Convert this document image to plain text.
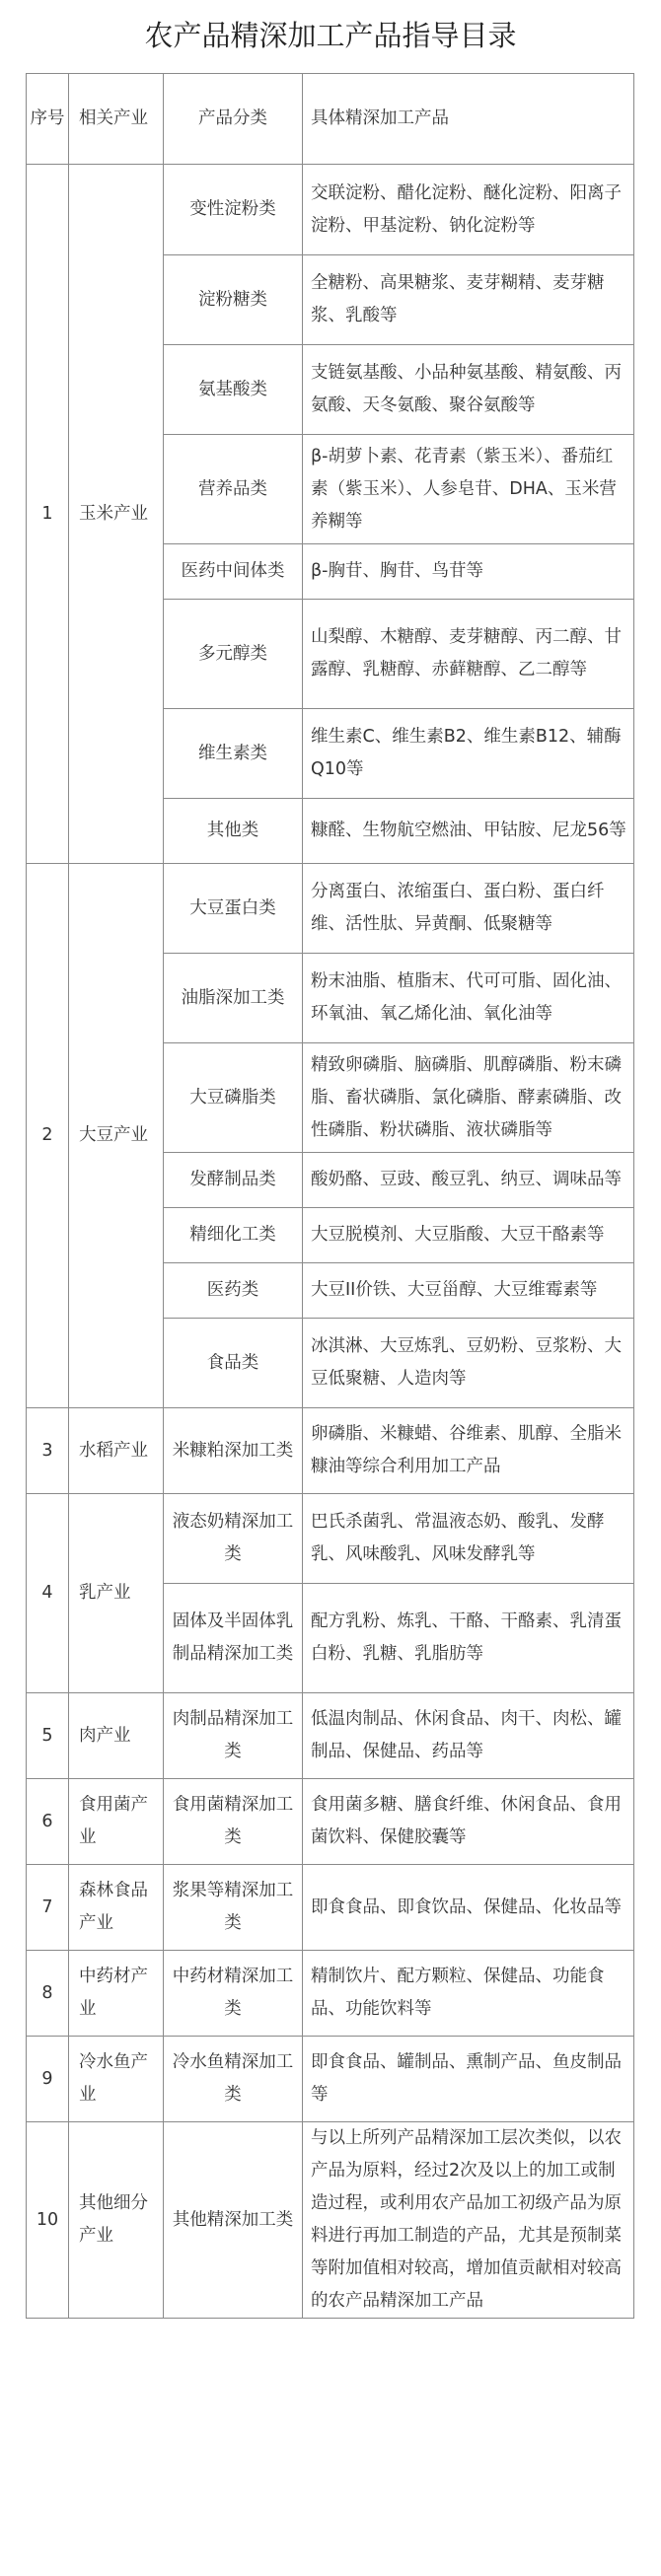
农产品精深加工产品指导目录
序号	相关产业	产品分类	具体精深加工产品
1	玉米产业	变性淀粉类	交联淀粉、醋化淀粉、醚化淀粉、阳离子淀粉、甲基淀粉、钠化淀粉等
		淀粉糖类	全糖粉、高果糖浆、麦芽糊精、麦芽糖浆、乳酸等
		氨基酸类	支链氨基酸、小品种氨基酸、精氨酸、丙氨酸、天冬氨酸、聚谷氨酸等
		营养品类	β-胡萝卜素、花青素（紫玉米）、番茄红素（紫玉米）、人参皂苷、DHA、玉米营养糊等
		医药中间体类	β-胸苷、胸苷、鸟苷等
		多元醇类	山梨醇、木糖醇、麦芽糖醇、丙二醇、甘露醇、乳糖醇、赤藓糖醇、乙二醇等
		维生素类	维生素C、维生素B2、维生素B12、辅酶Q10等
		其他类	糠醛、生物航空燃油、甲钴胺、尼龙56等
2	大豆产业	大豆蛋白类	分离蛋白、浓缩蛋白、蛋白粉、蛋白纤维、活性肽、异黄酮、低聚糖等
		油脂深加工类	粉末油脂、植脂末、代可可脂、固化油、环氧油、氧乙烯化油、氧化油等
		大豆磷脂类	精致卵磷脂、脑磷脂、肌醇磷脂、粉末磷脂、畜状磷脂、氯化磷脂、酵素磷脂、改性磷脂、粉状磷脂、液状磷脂等
		发酵制品类	酸奶酪、豆豉、酸豆乳、纳豆、调味品等
		精细化工类	大豆脱模剂、大豆脂酸、大豆干酪素等
		医药类	大豆II价铁、大豆甾醇、大豆维霉素等
		食品类	冰淇淋、大豆炼乳、豆奶粉、豆浆粉、大豆低聚糖、人造肉等
3	水稻产业	米糠粕深加工类	卵磷脂、米糠蜡、谷维素、肌醇、全脂米糠油等综合利用加工产品
4	乳产业	液态奶精深加工类	巴氏杀菌乳、常温液态奶、酸乳、发酵乳、风味酸乳、风味发酵乳等
		固体及半固体乳制品精深加工类	配方乳粉、炼乳、干酪、干酪素、乳清蛋白粉、乳糖、乳脂肪等
5	肉产业	肉制品精深加工类	低温肉制品、休闲食品、肉干、肉松、罐制品、保健品、药品等
6	食用菌产业	食用菌精深加工类	食用菌多糖、膳食纤维、休闲食品、食用菌饮料、保健胶囊等
7	森林食品产业	浆果等精深加工类	即食食品、即食饮品、保健品、化妆品等
8	中药材产业	中药材精深加工类	精制饮片、配方颗粒、保健品、功能食品、功能饮料等
9	冷水鱼产业	冷水鱼精深加工类	即食食品、罐制品、熏制产品、鱼皮制品等
10	其他细分产业	其他精深加工类	与以上所列产品精深加工层次类似，以农产品为原料，经过2次及以上的加工或制造过程，或利用农产品加工初级产品为原料进行再加工制造的产品，尤其是预制菜等附加值相对较高，增加值贡献相对较高的农产品精深加工产品
